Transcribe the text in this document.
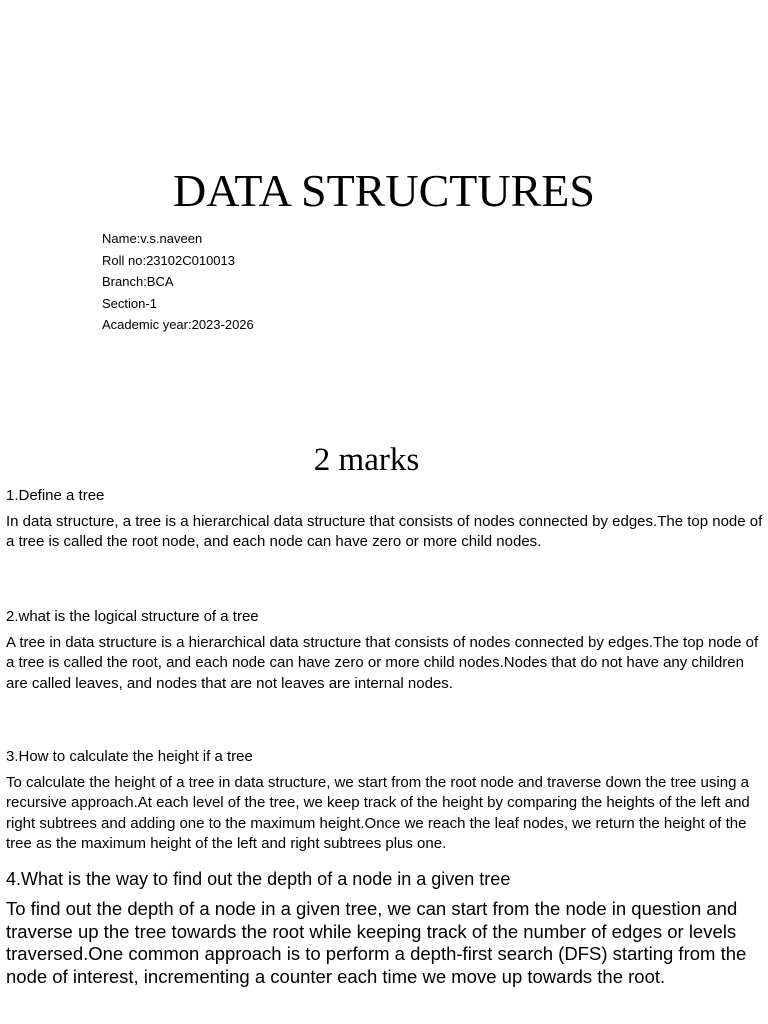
DATA STRUCTURES
Name:v.s.naveen
Roll no:23102C010013
Branch:BCA
Section-1
Academic year:2023-2026
2 marks
1.Define a tree

In data structure, a tree is a hierarchical data structure that consists of nodes connected by edges.The top node of a tree is called the root node, and each node can have zero or more child nodes.

2.what is the logical structure of a tree

A tree in data structure is a hierarchical data structure that consists of nodes connected by edges.The top node of a tree is called the root, and each node can have zero or more child nodes.Nodes that do not have any children are called leaves, and nodes that are not leaves are internal nodes.

3.How to calculate the height if a tree

To calculate the height of a tree in data structure, we start from the root node and traverse down the tree using a recursive approach.At each level of the tree, we keep track of the height by comparing the heights of the left and right subtrees and adding one to the maximum height.Once we reach the leaf nodes, we return the height of the tree as the maximum height of the left and right subtrees plus one.

4.What is the way to find out the depth of a node in a given tree

To find out the depth of a node in a given tree, we can start from the node in question and traverse up the tree towards the root while keeping track of the number of edges or levels traversed.One common approach is to perform a depth-first search (DFS) starting from the node of interest, incrementing a counter each time we move up towards the root.
